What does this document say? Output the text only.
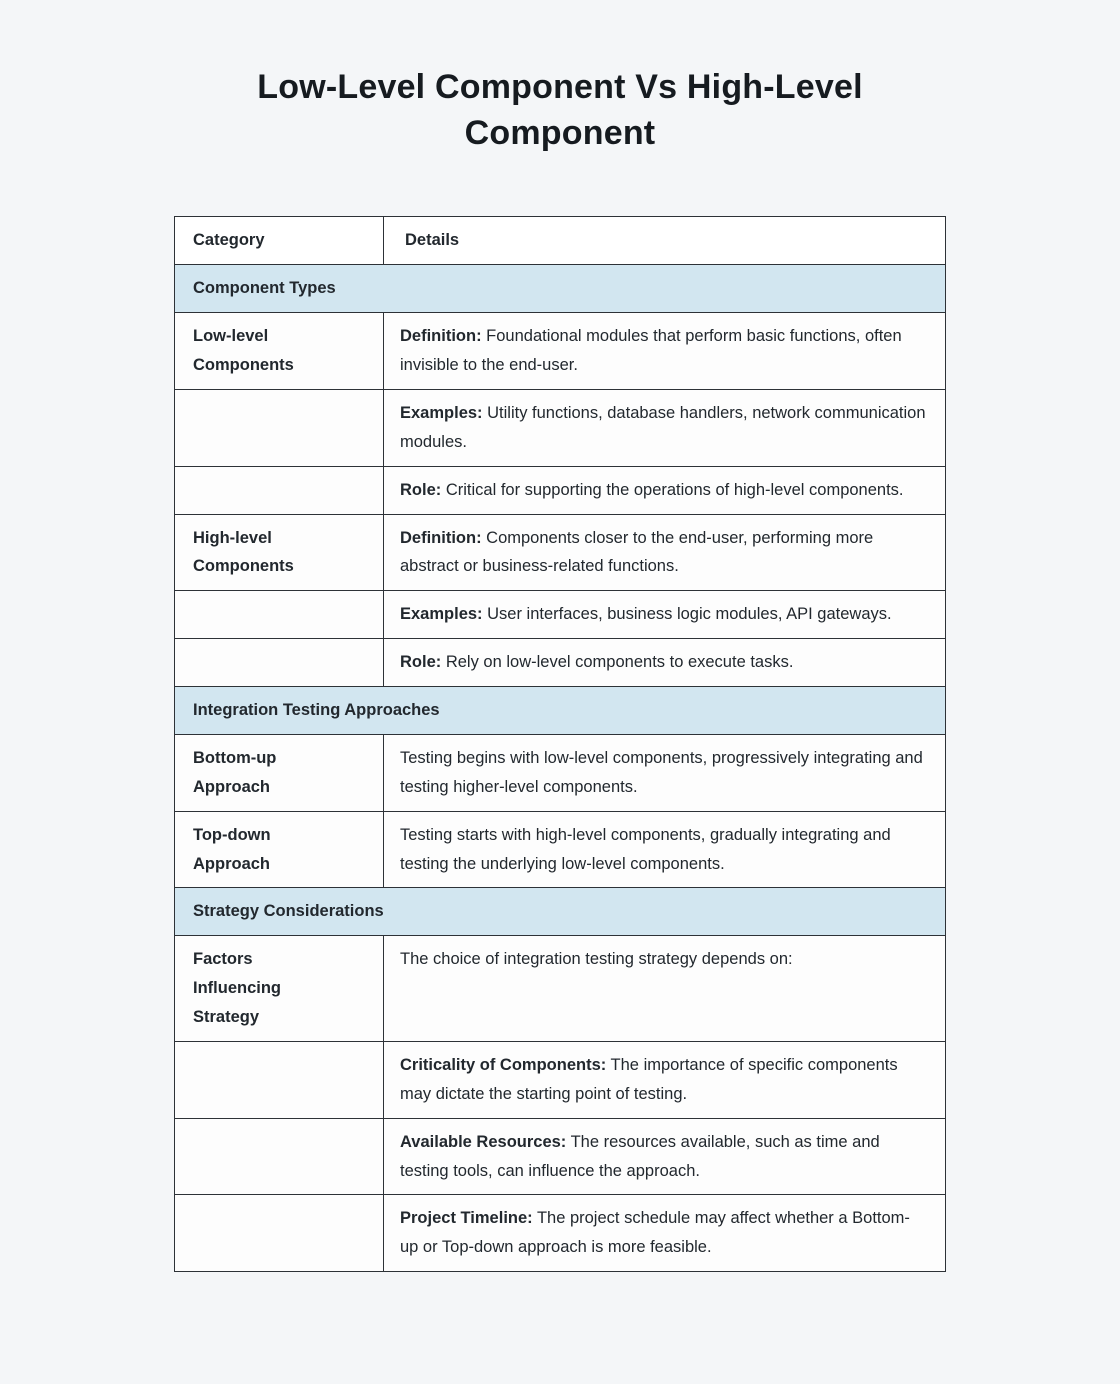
Low-Level Component Vs High-Level Component
Category	Details
Component Types	
Low-level Components	Definition: Foundational modules that perform basic functions, often invisible to the end-user.
	Examples: Utility functions, database handlers, network communication modules.
	Role: Critical for supporting the operations of high-level components.
High-level Components	Definition: Components closer to the end-user, performing more abstract or business-related functions.
	Examples: User interfaces, business logic modules, API gateways.
	Role: Rely on low-level components to execute tasks.
Integration Testing Approaches	
Bottom-up Approach	Testing begins with low-level components, progressively integrating and testing higher-level components.
Top-down Approach	Testing starts with high-level components, gradually integrating and testing the underlying low-level components.
Strategy Considerations	
Factors Influencing Strategy	The choice of integration testing strategy depends on:
	Criticality of Components: The importance of specific components may dictate the starting point of testing.
	Available Resources: The resources available, such as time and testing tools, can influence the approach.
	Project Timeline: The project schedule may affect whether a Bottom-up or Top-down approach is more feasible.
